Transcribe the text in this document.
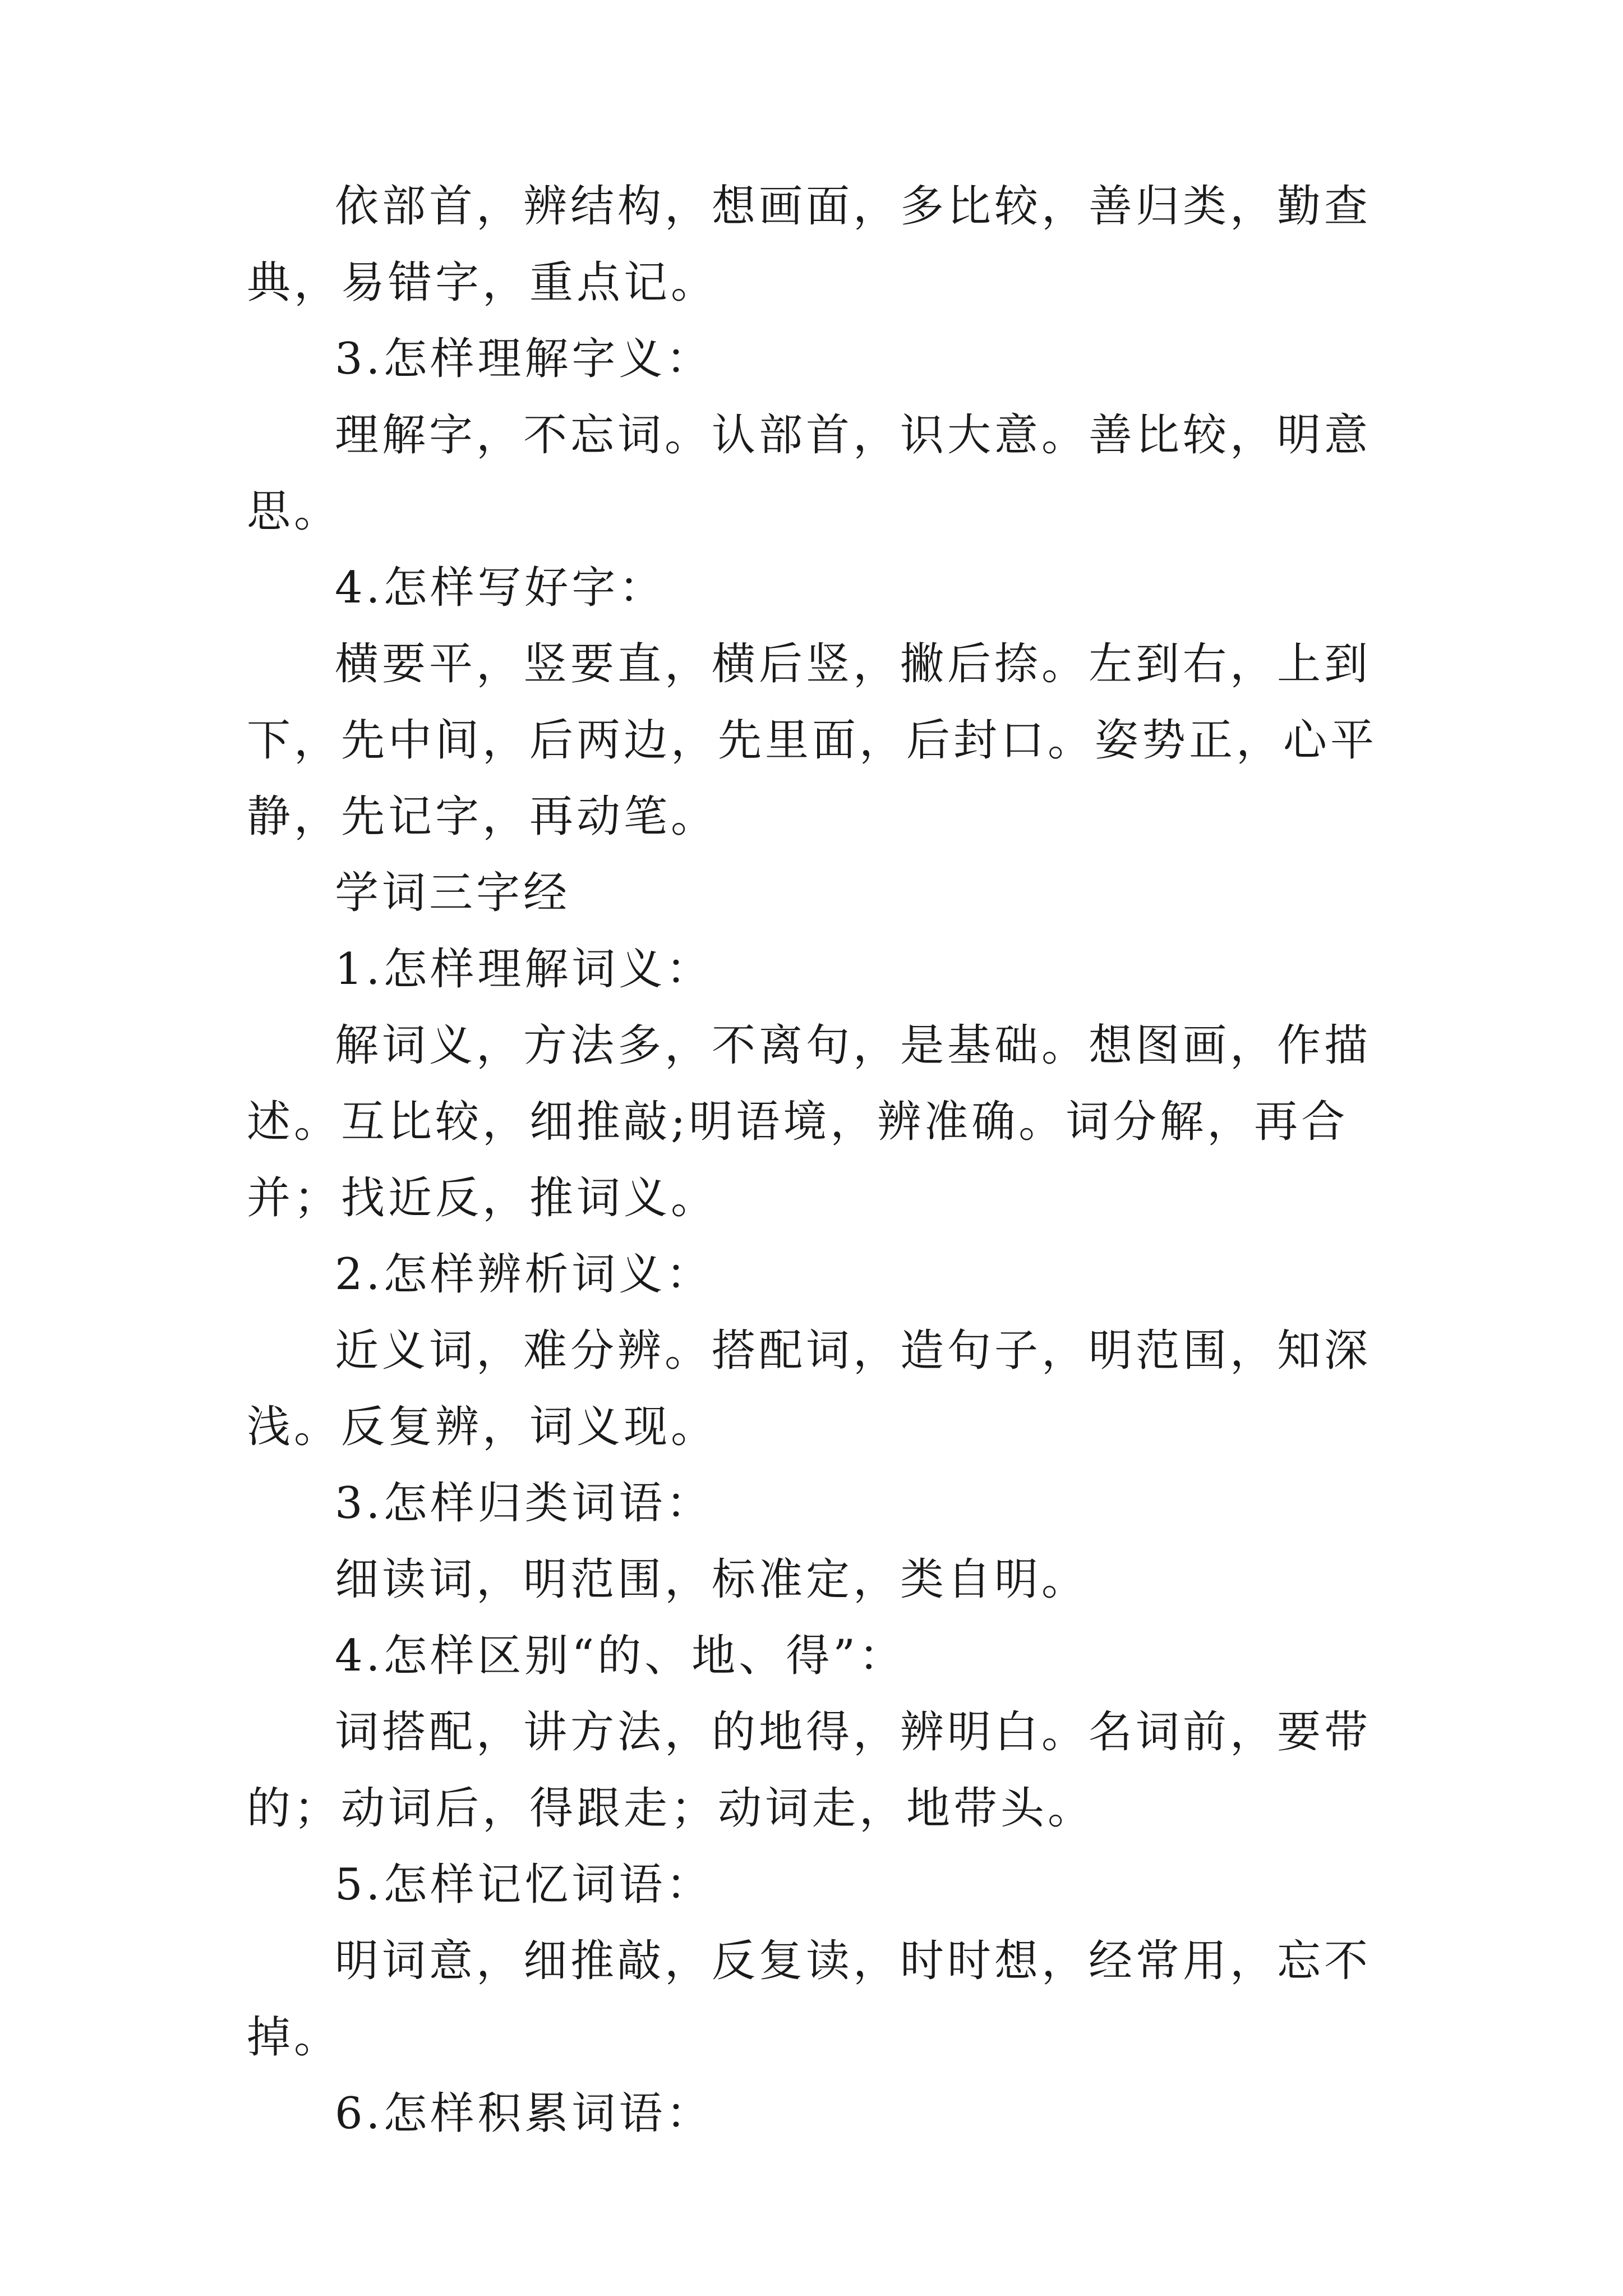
依部首，辨结构，想画面，多比较，善归类，勤查典，易错字，重点记。

3.怎样理解字义：

理解字，不忘词。认部首，识大意。善比较，明意思。

4.怎样写好字：

横要平，竖要直，横后竖，撇后捺。左到右，上到下，先中间，后两边，先里面，后封口。姿势正，心平静，先记字，再动笔。

学词三字经

1.怎样理解词义：

解词义，方法多，不离句，是基础。想图画，作描述。互比较，细推敲;明语境，辨准确。词分解，再合并；找近反，推词义。

2.怎样辨析词义：

近义词，难分辨。搭配词，造句子，明范围，知深浅。反复辨，词义现。

3.怎样归类词语：

细读词，明范围，标准定，类自明。

4.怎样区别“的、地、得”：

词搭配，讲方法，的地得，辨明白。名词前，要带的；动词后，得跟走；动词走，地带头。

5.怎样记忆词语：

明词意，细推敲，反复读，时时想，经常用，忘不掉。

6.怎样积累词语：
